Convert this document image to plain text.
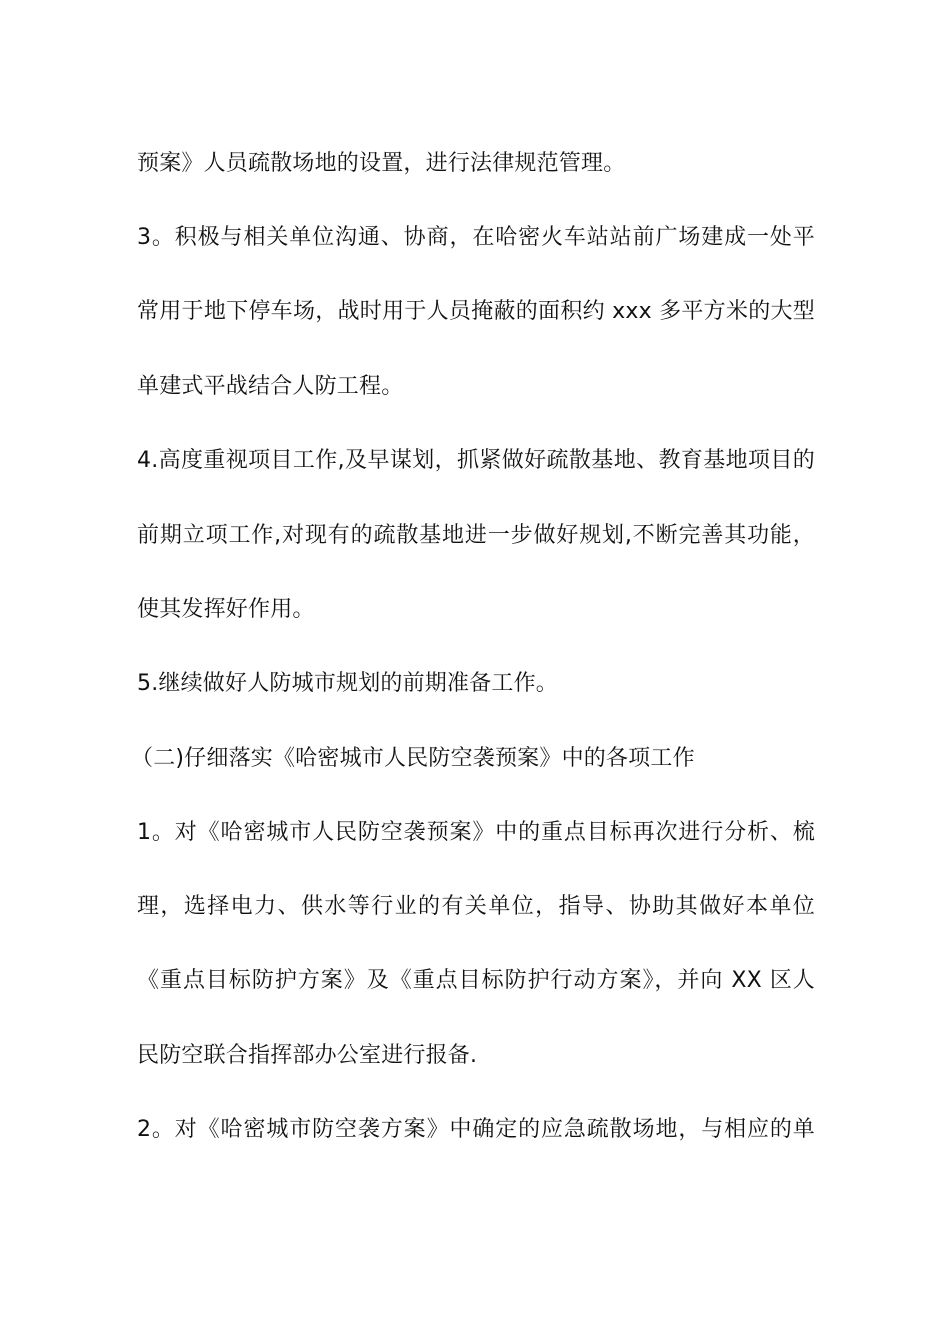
预案》人员疏散场地的设置，进行法律规范管理。
3。积极与相关单位沟通、协商，在哈密火车站站前广场建成一处平
常用于地下停车场，战时用于人员掩蔽的面积约 xxx 多平方米的大型
单建式平战结合人防工程。
4.高度重视项目工作,及早谋划，抓紧做好疏散基地、教育基地项目的
前期立项工作,对现有的疏散基地进一步做好规划,不断完善其功能，
使其发挥好作用。
5.继续做好人防城市规划的前期准备工作。
（二)仔细落实《哈密城市人民防空袭预案》中的各项工作
1。对《哈密城市人民防空袭预案》中的重点目标再次进行分析、梳
理，选择电力、供水等行业的有关单位，指导、协助其做好本单位
《重点目标防护方案》及《重点目标防护行动方案》，并向 XX 区人
民防空联合指挥部办公室进行报备.
2。对《哈密城市防空袭方案》中确定的应急疏散场地，与相应的单
